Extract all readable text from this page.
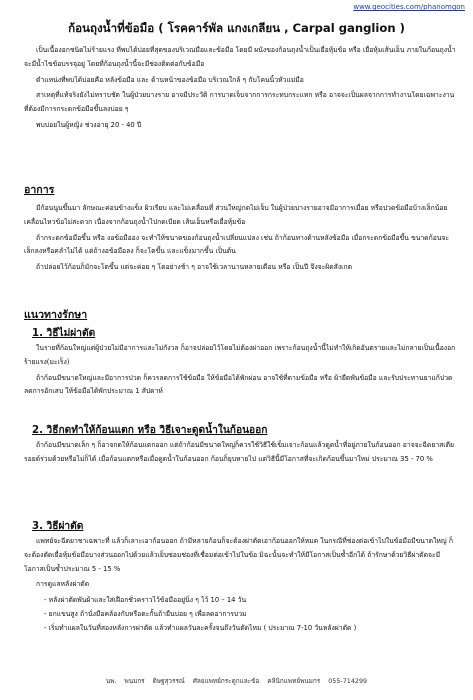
www.geocities.com/phanomgon
ก้อนถุงน้ำที่ข้อมือ ( โรคคาร์พัล แกงเกลียน , Carpal ganglion )

เป็นเนื้องอกชนิดไม่ร้ายแรง ที่พบได้บ่อยที่สุดของบริเวณมือและข้อมือ โดยมี ผนังของก้อนถุงน้ำเป็นเยื่อหุ้มข้อ หรือ เยื่อหุ้มเส้นเอ็น ภายในก้อนถุงน้ำจะมีน้ำไขข้อบรรจุอยู่ โดยที่ก้อนถุงน้ำนี้จะมีช่องติดต่อกับข้อมือ

ตำแหน่งที่พบได้บ่อยคือ หลังข้อมือ และ ด้านหน้าของข้อมือ บริเวณใกล้ ๆ กับโคนนิ้วหัวแม่มือ

สาเหตุที่แท้จริงยังไม่ทราบชัด ในผู้ป่วยบางราย อาจมีประวัติ การบาดเจ็บจากการกระทบกระแทก หรือ อาจจะเป็นผลจากการทำงานโดยเฉพาะงานที่ต้องมีการกระดกข้อมือขึ้นลงบ่อย ๆ

พบบ่อยในผู้หญิง ช่วงอายุ 20 - 40 ปี

อาการ

มีก้อนนูนขึ้นมา ลักษณะค่อนข้างแข็ง ผิวเรียบ และไม่เคลื่อนที่ ส่วนใหญ่กดไม่เจ็บ ในผู้ป่วยบางรายอาจมีอาการเมื่อย หรือปวดข้อมือบ้างเล็กน้อย เคลื่อนไหวข้อไม่สะดวก เนื่องจากก้อนถุงน้ำไปกดเบียด เส้นเอ็นหรือเยื่อหุ้มข้อ

ถ้ากระดกข้อมือขึ้น หรือ งอข้อมืออง จะทำให้ขนาดของก้อนถุงน้ำเปลี่ยนแปลง เช่น ถ้าก้อนทางด้านหลังข้อมือ เมื่อกระดกข้อมือขึ้น ขนาดก้อนจะเล็กลงหรือคลำไม่ได้ แต่ถ้างอข้อมือลง ก็จะโตขึ้น และแข็งมากขึ้น เป็นต้น

ถ้าปล่อยไว้ก้อนก็มักจะโตขึ้น แต่จะค่อย ๆ โตอย่างช้า ๆ อาจใช้เวลานานหลายเดือน หรือ เป็นปี จึงจะผิดสังเกต

แนวทางรักษา
1. วิธีไม่ผ่าตัด

ในรายที่ก้อนใหญ่แต่ผู้ป่วยไม่มีอาการและไม่กังวล ก็อาจปล่อยไว้โดยไม่ต้องผ่าออก เพราะก้อนถุงน้ำนี้ไม่ทำให้เกิดอันตรายและไม่กลายเป็นเนื้องอกร้ายแรง(มะเร็ง)

ถ้าก้อนมีขนาดใหญ่และมีอาการปวด ก็ควรลดการใช้ข้อมือ ให้ข้อมือได้พักผ่อน อาจใช้ที่ดามข้อมือ หรือ ผ้ายืดพันข้อมือ และรับประทานยาแก้ปวดลดการอักเสบ ให้ข้อมือได้พักประมาณ 1 สัปดาห์

2. วิธีกดทำให้ก้อนแตก หรือ วิธีเจาะดูดน้ำในก้อนออก

ถ้าก้อนมีขนาดเล็ก ๆ ก็อาจกดให้ก้อนแตกออก แต่ถ้าก้อนมีขนาดใหญ่ก็ควรใช้วิธีใช้เข็มเจาะก้อนแล้วดูดน้ำที่อยู่ภายในก้อนออก อาจจะฉีดยาสเตียรอยด์ร่วมด้วยหรือไม่ก็ได้ เมื่อก้อนแตกหรือเมื่อดูดน้ำในก้อนออก ก้อนก็ยุบหายไป แต่วิธีนี้มีโอกาสที่จะเกิดก้อนขึ้นมาใหม่ ประมาณ 35 - 70 %

3. วิธีผ่าตัด

แพทย์จะฉีดยาชาเฉพาะที่ แล้วก็เลาะเอาก้อนออก ถ้ามีหลายก้อนก็จะต้องผ่าตัดเอาก้อนออกให้หมด ในกรณีที่ช่องต่อเข้าไปในข้อมือมีขนาดใหญ่ ก็จะต้องตัดเยื่อหุ้มข้อมือบางส่วนออกไปด้วยแล้วเย็บซ่อมช่องที่เชื่อมต่อเข้าไปในข้อ มิฉะนั้นจะทำให้มีโอกาสเป็นซ้ำอีกได้ ถ้ารักษาด้วยวิธีผ่าตัดจะมีโอกาสเป็นซ้ำประมาณ 5 - 15 %

การดูแลหลังผ่าตัด

- หลังผ่าตัดพันผ้าและใส่เฝือกชั่วคราวไว้ข้อมืออยู่นิ่ง ๆ ไว้ 10 – 14 วัน
- ยกแขนสูง ถ้านั่งมือคล้องกับหรือตะกั้นถ้ายืนบ่อย ๆ เพื่อลดอาการบวม
- เริ่มทำแผลในวันที่สองหลังการผ่าตัด แล้วทำแผลวันละครั้งจนถึงวันตัดไหม ( ประมาณ 7-10 วันหลังผ่าตัด )
นพ. พนมกร ดิษฐสุวรรณ์ ศัลยแพทย์กระดูกและข้อ คลินิกแพทย์พนมกร 055-714299
